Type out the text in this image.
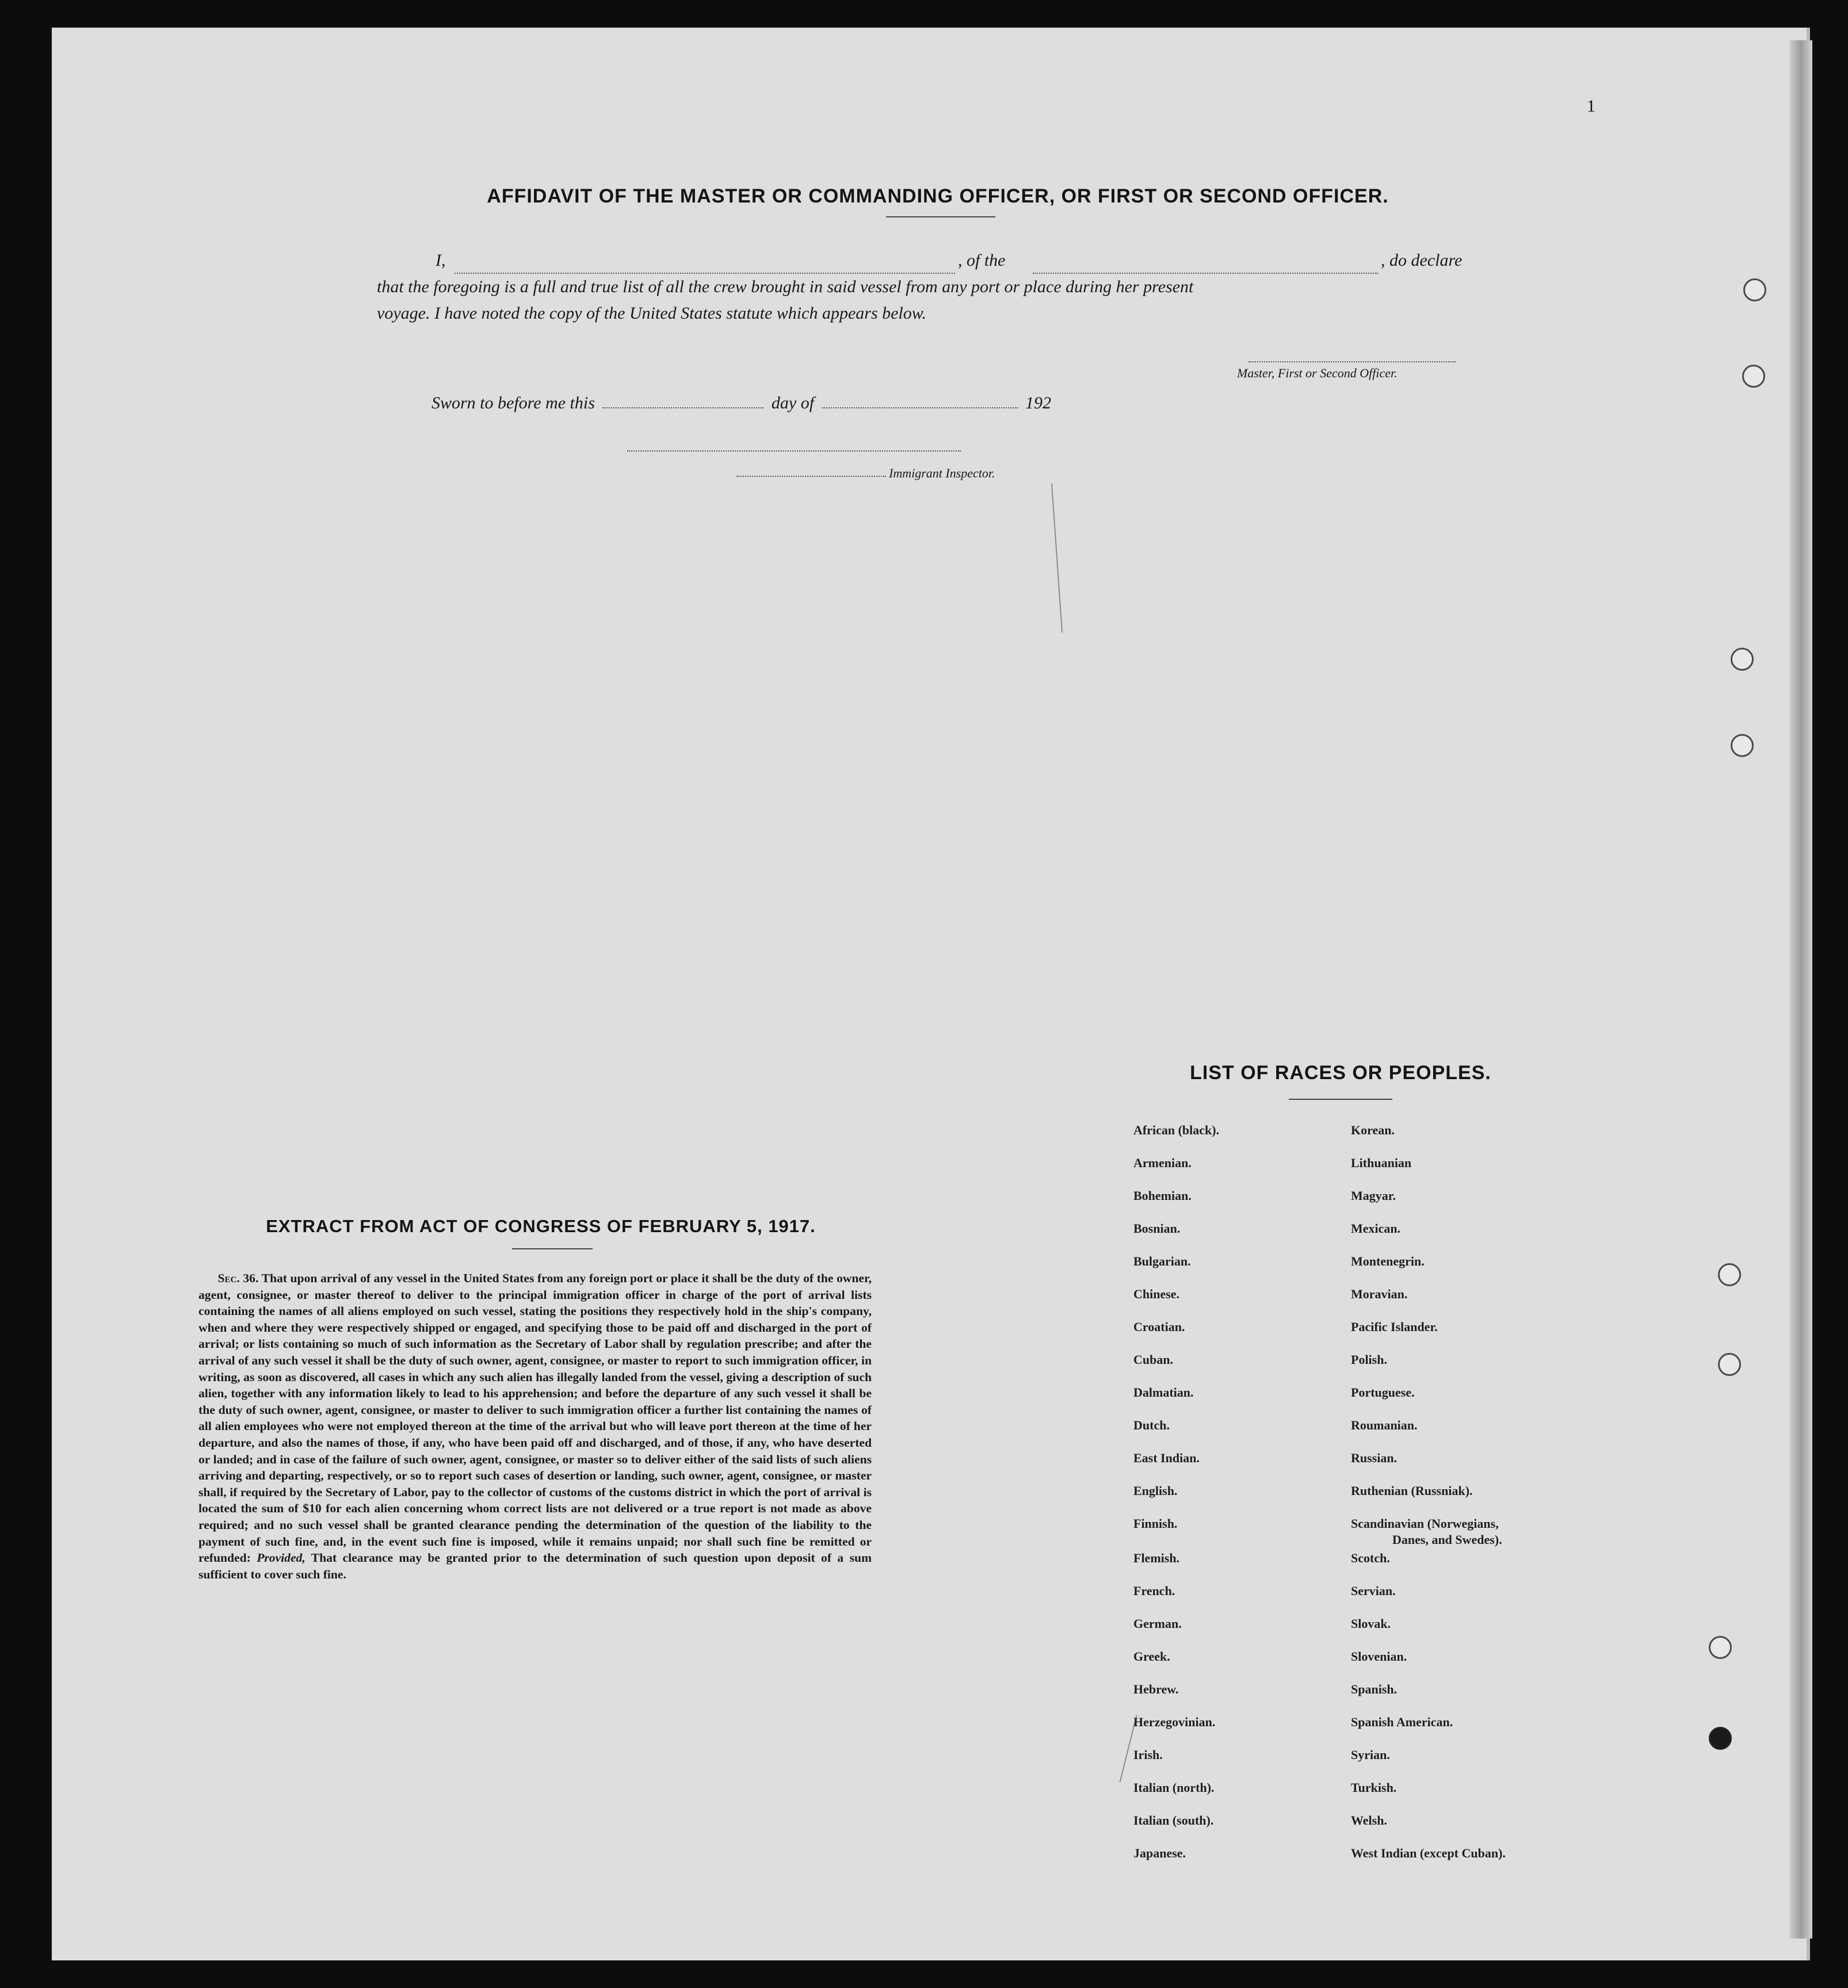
1
AFFIDAVIT OF THE MASTER OR COMMANDING OFFICER, OR FIRST OR SECOND OFFICER.
I,	, of the	, do declare
that the foregoing is a full and true list of all the crew brought in said vessel from any port or place during her present
voyage. I have noted the copy of the United States statute which appears below.
Master, First or Second Officer.
Sworn to before me this	day of	192
Immigrant Inspector.
LIST OF RACES OR PEOPLES.
African (black).
Armenian.
Bohemian.
Bosnian.
Bulgarian.
Chinese.
Croatian.
Cuban.
Dalmatian.
Dutch.
East Indian.
English.
Finnish.
Flemish.
French.
German.
Greek.
Hebrew.
Herzegovinian.
Irish.
Italian (north).
Italian (south).
Japanese.
Korean.
Lithuanian
Magyar.
Mexican.
Montenegrin.
Moravian.
Pacific Islander.
Polish.
Portuguese.
Roumanian.
Russian.
Ruthenian (Russniak).
Scandinavian (Norwegians,
Danes, and Swedes).
Scotch.
Servian.
Slovak.
Slovenian.
Spanish.
Spanish American.
Syrian.
Turkish.
Welsh.
West Indian (except Cuban).
EXTRACT FROM ACT OF CONGRESS OF FEBRUARY 5, 1917.
Sec. 36. That upon arrival of any vessel in the United States from any foreign port or place it shall be the duty of the owner, agent, consignee, or master thereof to deliver to the principal immigration officer in charge of the port of arrival lists containing the names of all aliens employed on such vessel, stating the positions they respectively hold in the ship's company, when and where they were respectively shipped or engaged, and specifying those to be paid off and discharged in the port of arrival; or lists containing so much of such information as the Secretary of Labor shall by regulation prescribe; and after the arrival of any such vessel it shall be the duty of such owner, agent, consignee, or master to report to such immigration officer, in writing, as soon as discovered, all cases in which any such alien has illegally landed from the vessel, giving a description of such alien, together with any information likely to lead to his apprehension; and before the departure of any such vessel it shall be the duty of such owner, agent, consignee, or master to deliver to such immigration officer a further list containing the names of all alien employees who were not employed thereon at the time of the arrival but who will leave port thereon at the time of her departure, and also the names of those, if any, who have been paid off and discharged, and of those, if any, who have deserted or landed; and in case of the failure of such owner, agent, consignee, or master so to deliver either of the said lists of such aliens arriving and departing, respectively, or so to report such cases of desertion or landing, such owner, agent, consignee, or master shall, if required by the Secretary of Labor, pay to the collector of customs of the customs district in which the port of arrival is located the sum of $10 for each alien concerning whom correct lists are not delivered or a true report is not made as above required; and no such vessel shall be granted clearance pending the determination of the question of the liability to the payment of such fine, and, in the event such fine is imposed, while it remains unpaid; nor shall such fine be remitted or refunded: Provided, That clearance may be granted prior to the determination of such question upon deposit of a sum sufficient to cover such fine.
